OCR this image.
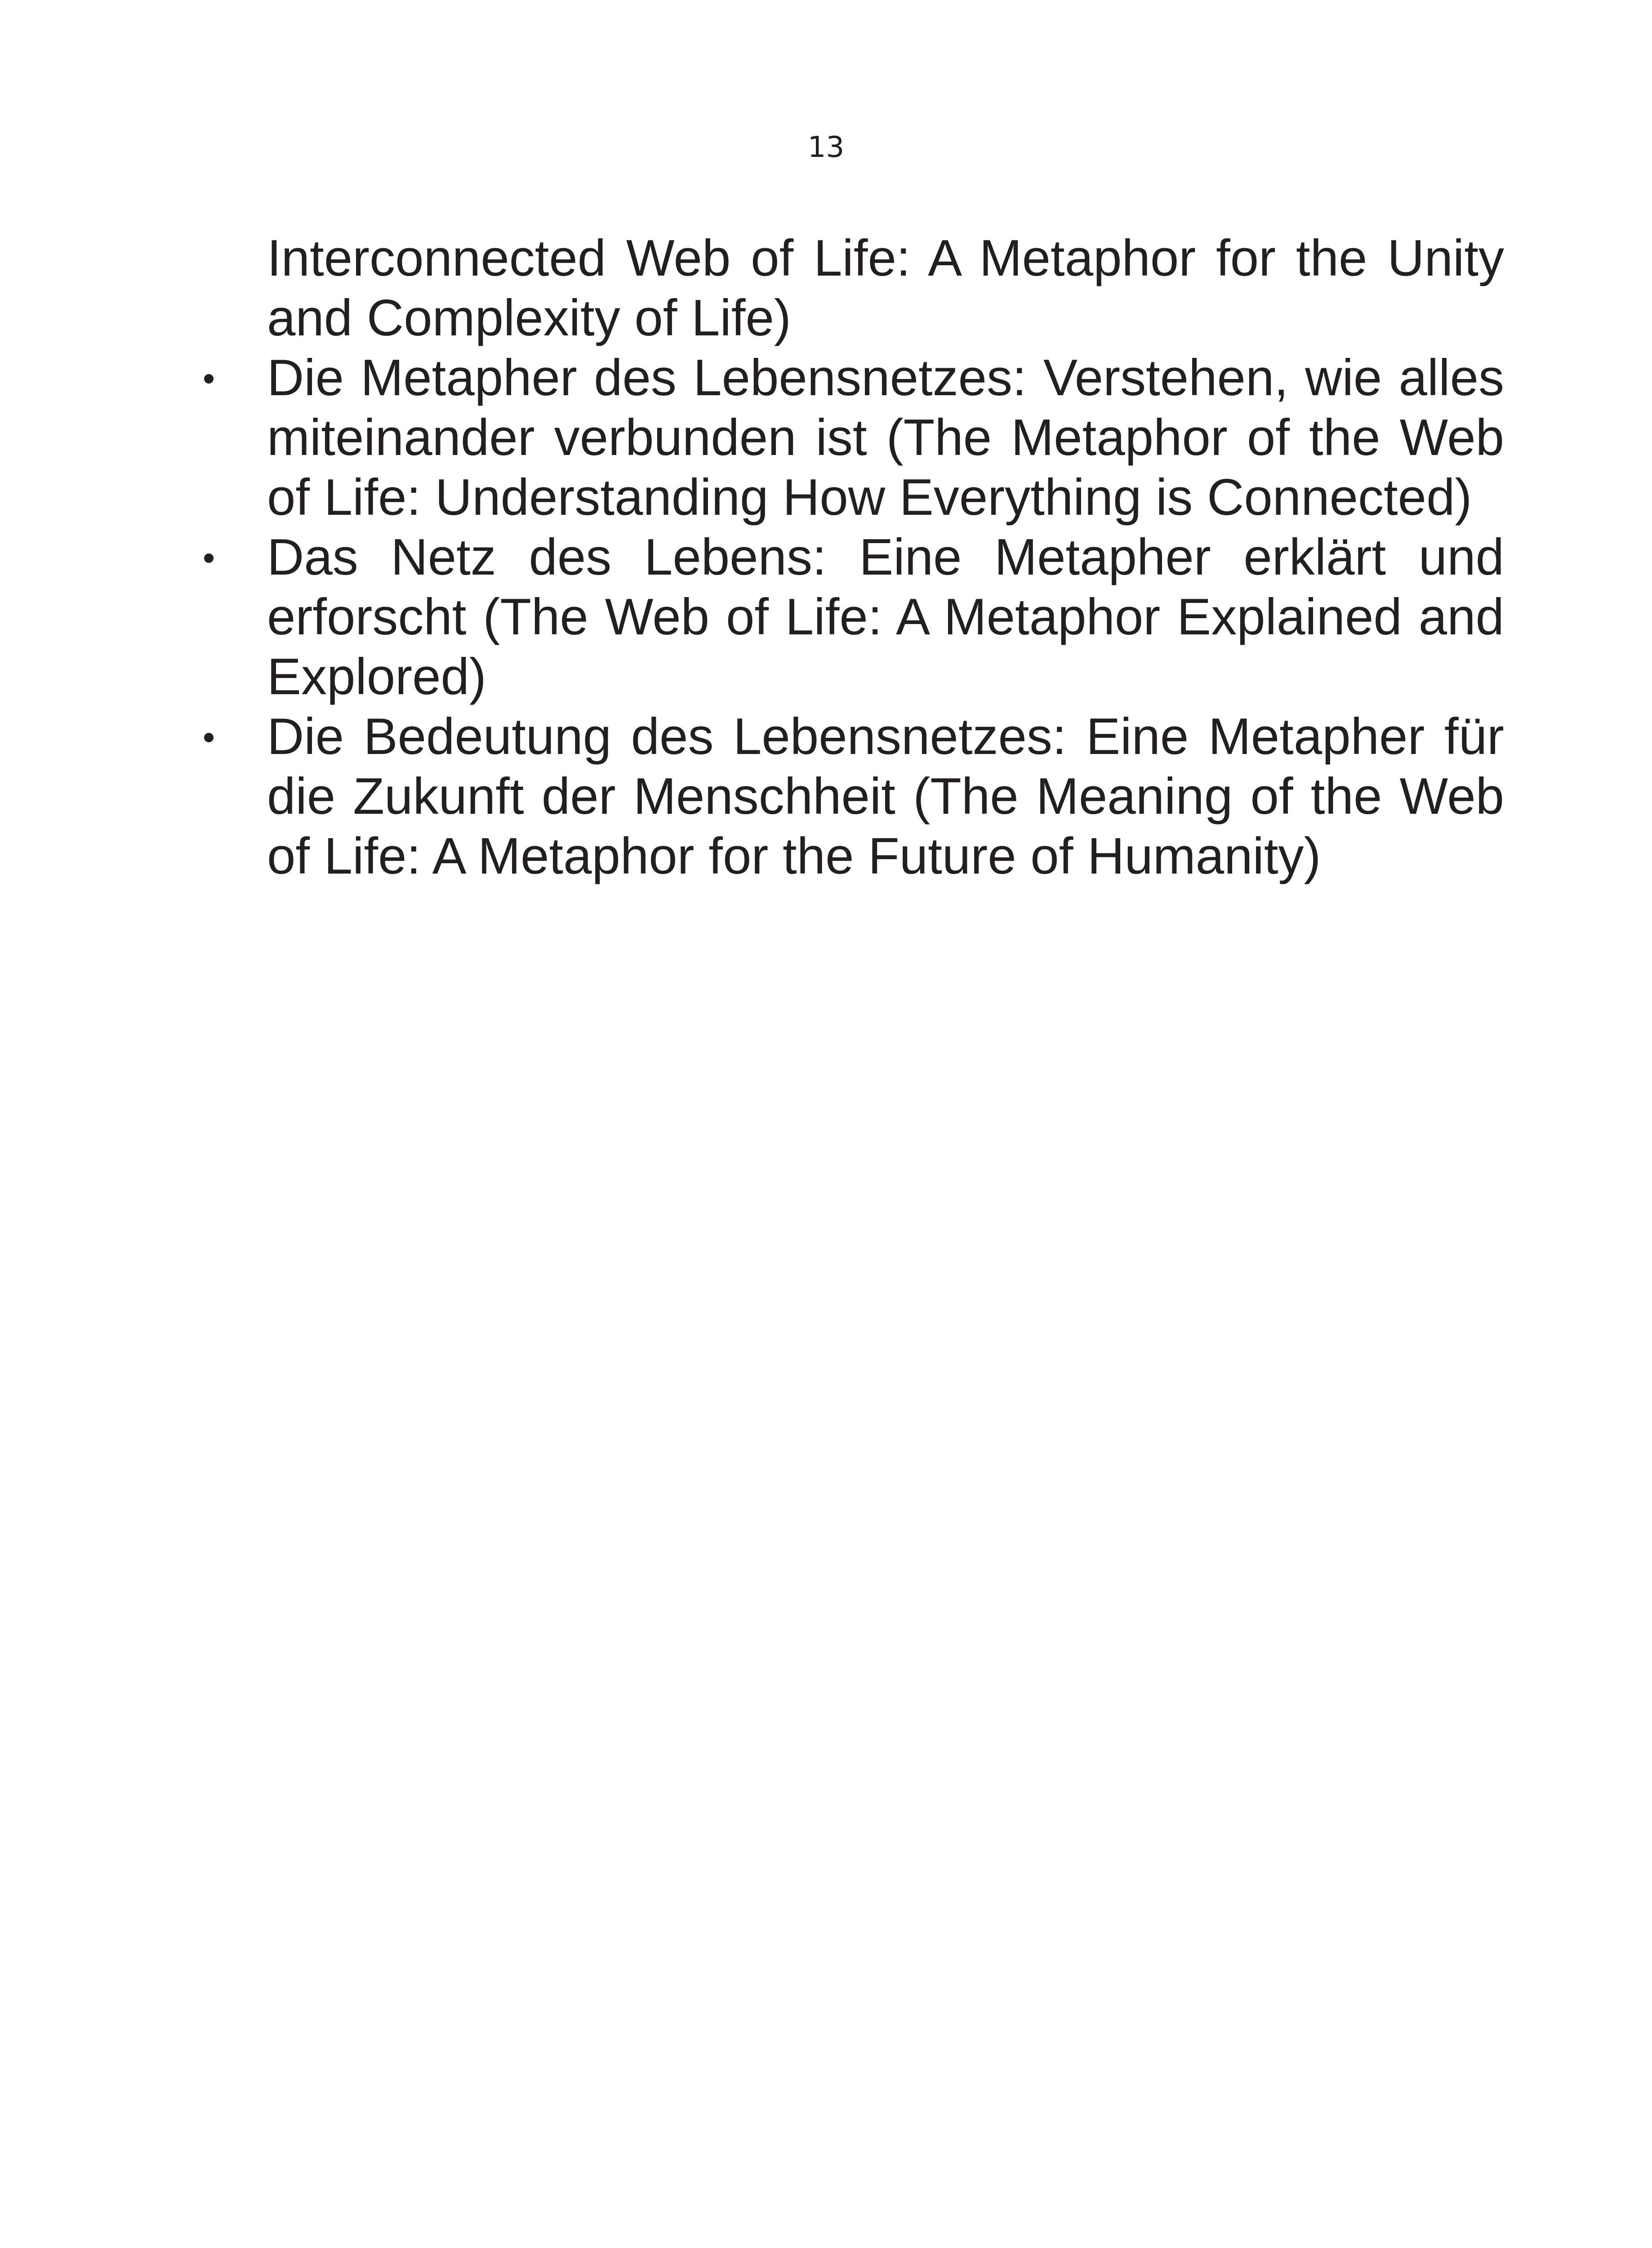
13

Interconnected Web of Life: A Metaphor for the Unity and Complexity of Life)

Die Metapher des Lebensnetzes: Verstehen, wie alles miteinander verbunden ist (The Metaphor of the Web of Life: Understanding How Everything is Connected)
Das Netz des Lebens: Eine Metapher erklärt und erforscht (The Web of Life: A Metaphor Explained and Explored)
Die Bedeutung des Lebensnetzes: Eine Metapher für die Zukunft der Menschheit (The Meaning of the Web of Life: A Metaphor for the Future of Humanity)
